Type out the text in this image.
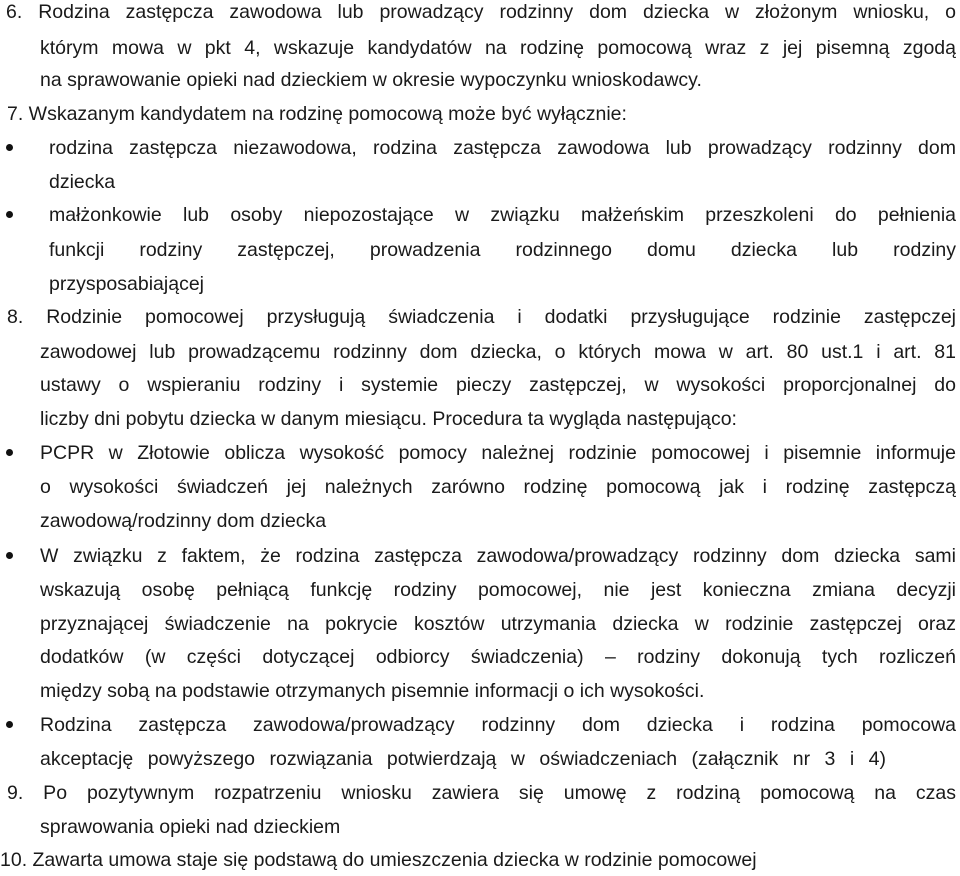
6. Rodzina zastępcza zawodowa lub prowadzący rodzinny dom dziecka w złożonym wniosku, o
którym mowa w pkt 4, wskazuje kandydatów na rodzinę pomocową wraz z jej pisemną zgodą
na sprawowanie opieki nad dzieckiem w okresie wypoczynku wnioskodawcy.
7. Wskazanym kandydatem na rodzinę pomocową może być wyłącznie:
rodzina zastępcza niezawodowa, rodzina zastępcza zawodowa lub prowadzący rodzinny dom
dziecka
małżonkowie lub osoby niepozostające w związku małżeńskim przeszkoleni do pełnienia
funkcji rodziny zastępczej, prowadzenia rodzinnego domu dziecka lub rodziny
przysposabiającej
8. Rodzinie pomocowej przysługują świadczenia i dodatki przysługujące rodzinie zastępczej
zawodowej lub prowadzącemu rodzinny dom dziecka, o których mowa w art. 80 ust.1 i art. 81
ustawy o wspieraniu rodziny i systemie pieczy zastępczej, w wysokości proporcjonalnej do
liczby dni pobytu dziecka w danym miesiącu. Procedura ta wygląda następująco:
PCPR w Złotowie oblicza wysokość pomocy należnej rodzinie pomocowej i pisemnie informuje
o wysokości świadczeń jej należnych zarówno rodzinę pomocową jak i rodzinę zastępczą
zawodową/rodzinny dom dziecka
W związku z faktem, że rodzina zastępcza zawodowa/prowadzący rodzinny dom dziecka sami
wskazują osobę pełniącą funkcję rodziny pomocowej, nie jest konieczna zmiana decyzji
przyznającej świadczenie na pokrycie kosztów utrzymania dziecka w rodzinie zastępczej oraz
dodatków (w części dotyczącej odbiorcy świadczenia) – rodziny dokonują tych rozliczeń
między sobą na podstawie otrzymanych pisemnie informacji o ich wysokości.
Rodzina zastępcza zawodowa/prowadzący rodzinny dom dziecka i rodzina pomocowa
akceptację powyższego rozwiązania potwierdzają w oświadczeniach (załącznik nr 3 i 4)
9. Po pozytywnym rozpatrzeniu wniosku zawiera się umowę z rodziną pomocową na czas
sprawowania opieki nad dzieckiem
10. Zawarta umowa staje się podstawą do umieszczenia dziecka w rodzinie pomocowej
